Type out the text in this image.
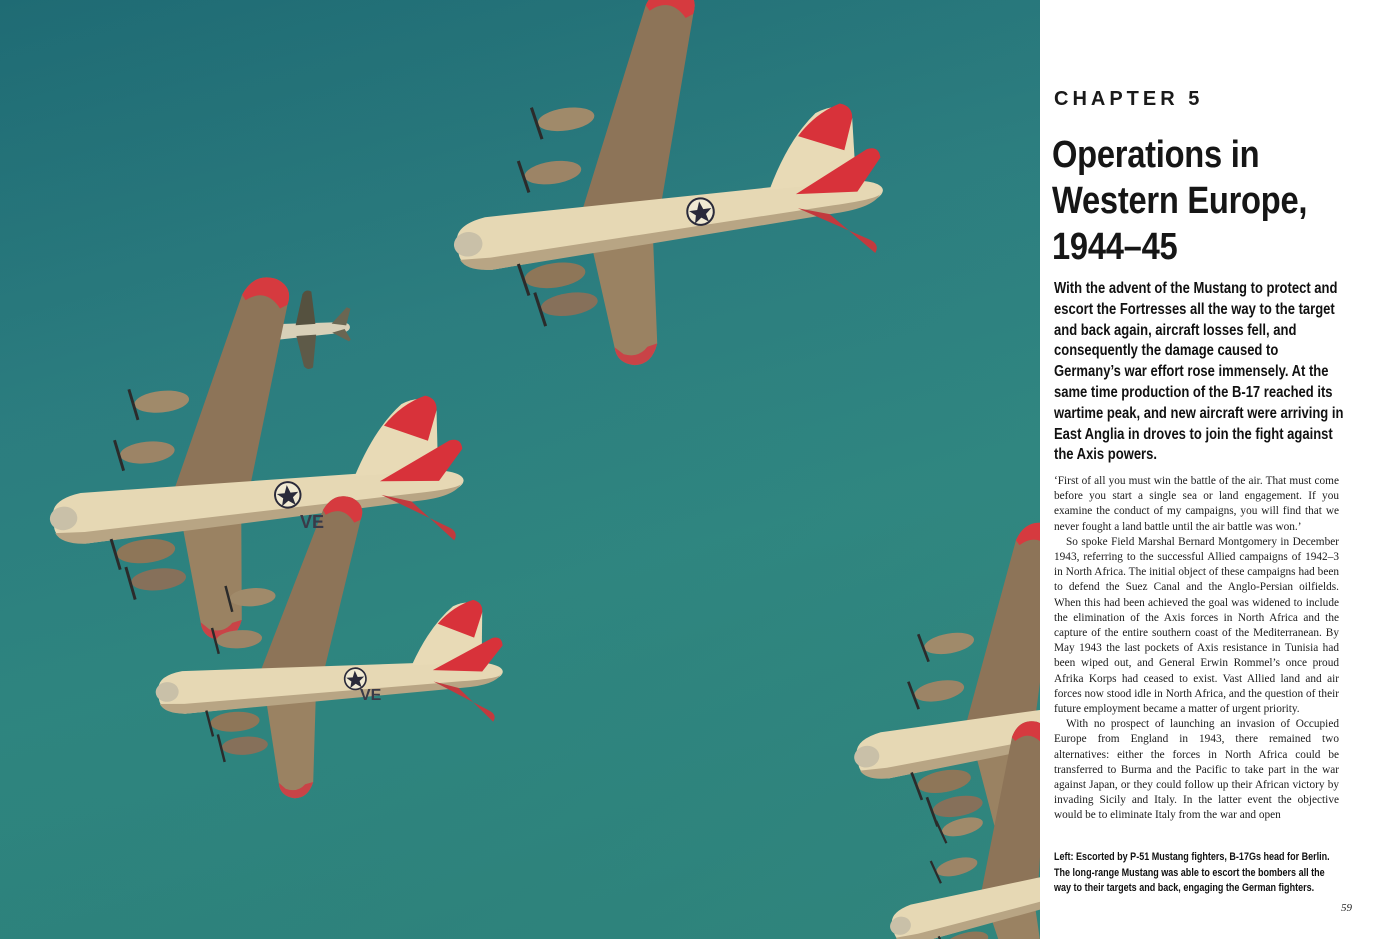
VE
VE
CHAPTER 5
Operations in
Western Europe,
1944–45

With the advent of the Mustang to protect and escort the Fortresses all the way to the target and back again, aircraft losses fell, and consequently the damage caused to Germany’s war effort rose immensely. At the same time production of the B-17 reached its wartime peak, and new aircraft were arriving in East Anglia in droves to join the fight against the Axis powers.

‘First of all you must win the battle of the air. That must come before you start a single sea or land engagement. If you examine the conduct of my campaigns, you will find that we never fought a land battle until the air battle was won.’

So spoke Field Marshal Bernard Montgomery in December 1943, referring to the successful Allied campaigns of 1942–3 in North Africa. The initial object of these campaigns had been to defend the Suez Canal and the Anglo-Persian oilfields. When this had been achieved the goal was widened to include the elimination of the Axis forces in North Africa and the capture of the entire southern coast of the Mediterranean. By May 1943 the last pockets of Axis resistance in Tunisia had been wiped out, and General Erwin Rommel’s once proud Afrika Korps had ceased to exist. Vast Allied land and air forces now stood idle in North Africa, and the question of their future employment became a matter of urgent priority.

With no prospect of launching an invasion of Occupied Europe from England in 1943, there remained two alternatives: either the forces in North Africa could be transferred to Burma and the Pacific to take part in the war against Japan, or they could follow up their African victory by invading Sicily and Italy. In the latter event the objective would be to eliminate Italy from the war and open

Left: Escorted by P-51 Mustang fighters, B-17Gs head for Berlin. The long-range Mustang was able to escort the bombers all the way to their targets and back, engaging the German fighters.

59
